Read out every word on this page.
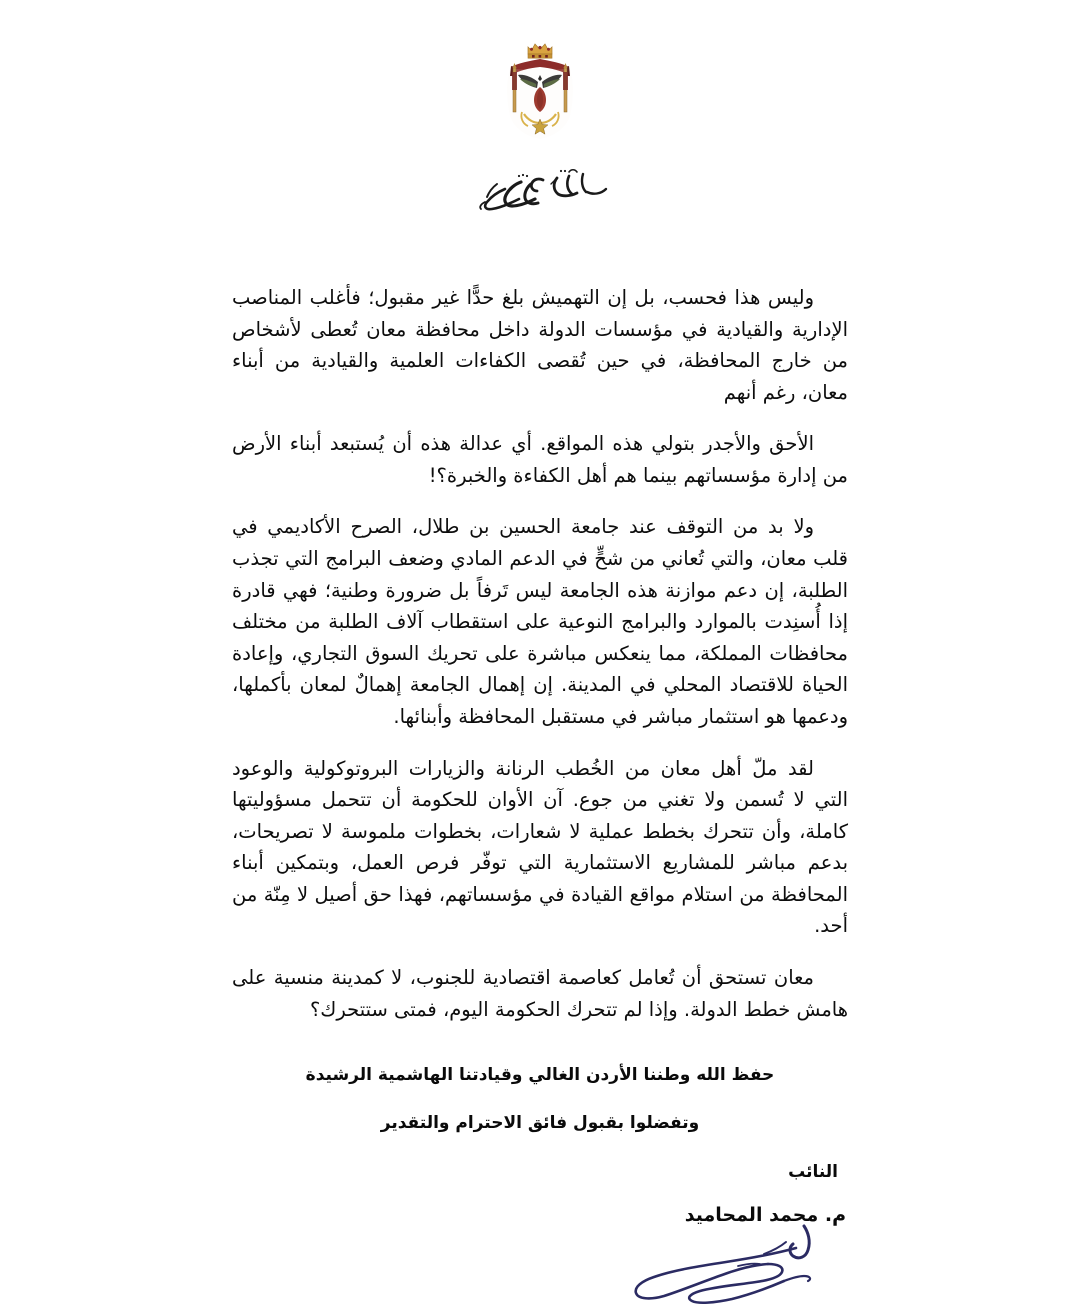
وليس هذا فحسب، بل إن التهميش بلغ حدًّا غير مقبول؛ فأغلب المناصب الإدارية والقيادية في مؤسسات الدولة داخل محافظة معان تُعطى لأشخاص من خارج المحافظة، في حين تُقصى الكفاءات العلمية والقيادية من أبناء معان، رغم أنهم

الأحق والأجدر بتولي هذه المواقع. أي عدالة هذه أن يُستبعد أبناء الأرض من إدارة مؤسساتهم بينما هم أهل الكفاءة والخبرة؟!

ولا بد من التوقف عند جامعة الحسين بن طلال، الصرح الأكاديمي في قلب معان، والتي تُعاني من شحٍّ في الدعم المادي وضعف البرامج التي تجذب الطلبة، إن دعم موازنة هذه الجامعة ليس تَرفاً بل ضرورة وطنية؛ فهي قادرة إذا أُسنِدت بالموارد والبرامج النوعية على استقطاب آلاف الطلبة من مختلف محافظات المملكة، مما ينعكس مباشرة على تحريك السوق التجاري، وإعادة الحياة للاقتصاد المحلي في المدينة. إن إهمال الجامعة إهمالٌ لمعان بأكملها، ودعمها هو استثمار مباشر في مستقبل المحافظة وأبنائها.

لقد ملّ أهل معان من الخُطب الرنانة والزيارات البروتوكولية والوعود التي لا تُسمن ولا تغني من جوع. آن الأوان للحكومة أن تتحمل مسؤوليتها كاملة، وأن تتحرك بخطط عملية لا شعارات، بخطوات ملموسة لا تصريحات، بدعم مباشر للمشاريع الاستثمارية التي توفّر فرص العمل، وبتمكين أبناء المحافظة من استلام مواقع القيادة في مؤسساتهم، فهذا حق أصيل لا مِنّة من أحد.

معان تستحق أن تُعامل كعاصمة اقتصادية للجنوب، لا كمدينة منسية على هامش خطط الدولة. وإذا لم تتحرك الحكومة اليوم، فمتى ستتحرك؟

حفظ الله وطننا الأردن الغالي وقيادتنا الهاشمية الرشيدة
وتفضلوا بقبول فائق الاحترام والتقدير
النائب
م. محمد المحاميد
